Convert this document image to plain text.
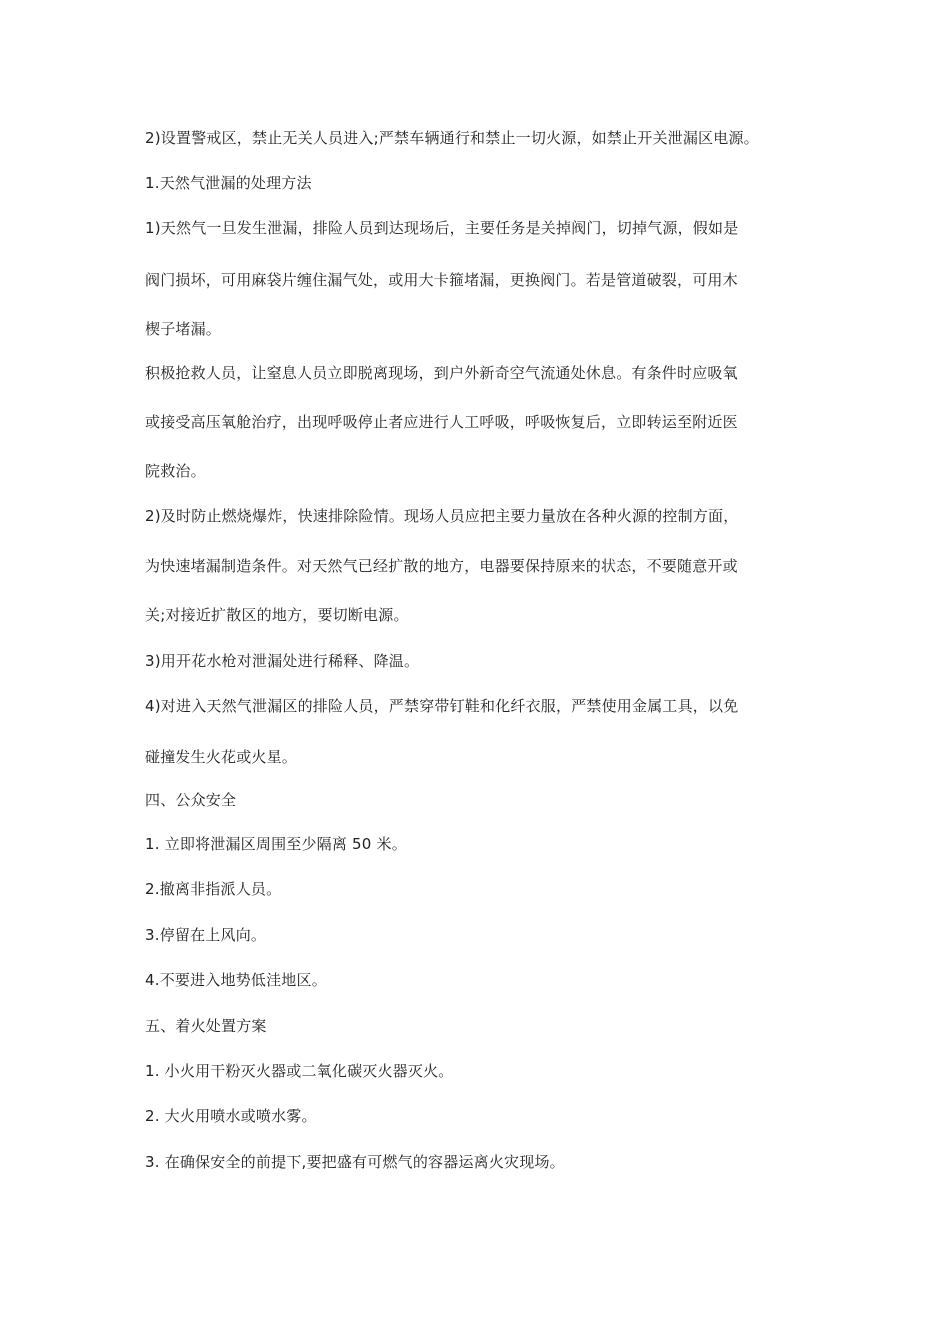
2)设置警戒区，禁止无关人员进入;严禁车辆通行和禁止一切火源，如禁止开关泄漏区电源。
1.天然气泄漏的处理方法
1)天然气一旦发生泄漏，排险人员到达现场后，主要任务是关掉阀门，切掉气源，假如是
阀门损坏，可用麻袋片缠住漏气处，或用大卡箍堵漏，更换阀门。若是管道破裂，可用木
楔子堵漏。
积极抢救人员，让窒息人员立即脱离现场，到户外新奇空气流通处休息。有条件时应吸氧
或接受高压氧舱治疗，出现呼吸停止者应进行人工呼吸，呼吸恢复后，立即转运至附近医
院救治。
2)及时防止燃烧爆炸，快速排除险情。现场人员应把主要力量放在各种火源的控制方面，
为快速堵漏制造条件。对天然气已经扩散的地方，电器要保持原来的状态，不要随意开或
关;对接近扩散区的地方，要切断电源。
3)用开花水枪对泄漏处进行稀释、降温。
4)对进入天然气泄漏区的排险人员，严禁穿带钉鞋和化纤衣服，严禁使用金属工具，以免
碰撞发生火花或火星。
四、公众安全
1. 立即将泄漏区周围至少隔离 50 米。
2.撤离非指派人员。
3.停留在上风向。
4.不要进入地势低洼地区。
五、着火处置方案
1. 小火用干粉灭火器或二氧化碳灭火器灭火。
2. 大火用喷水或喷水雾。
3. 在确保安全的前提下,要把盛有可燃气的容器运离火灾现场。
